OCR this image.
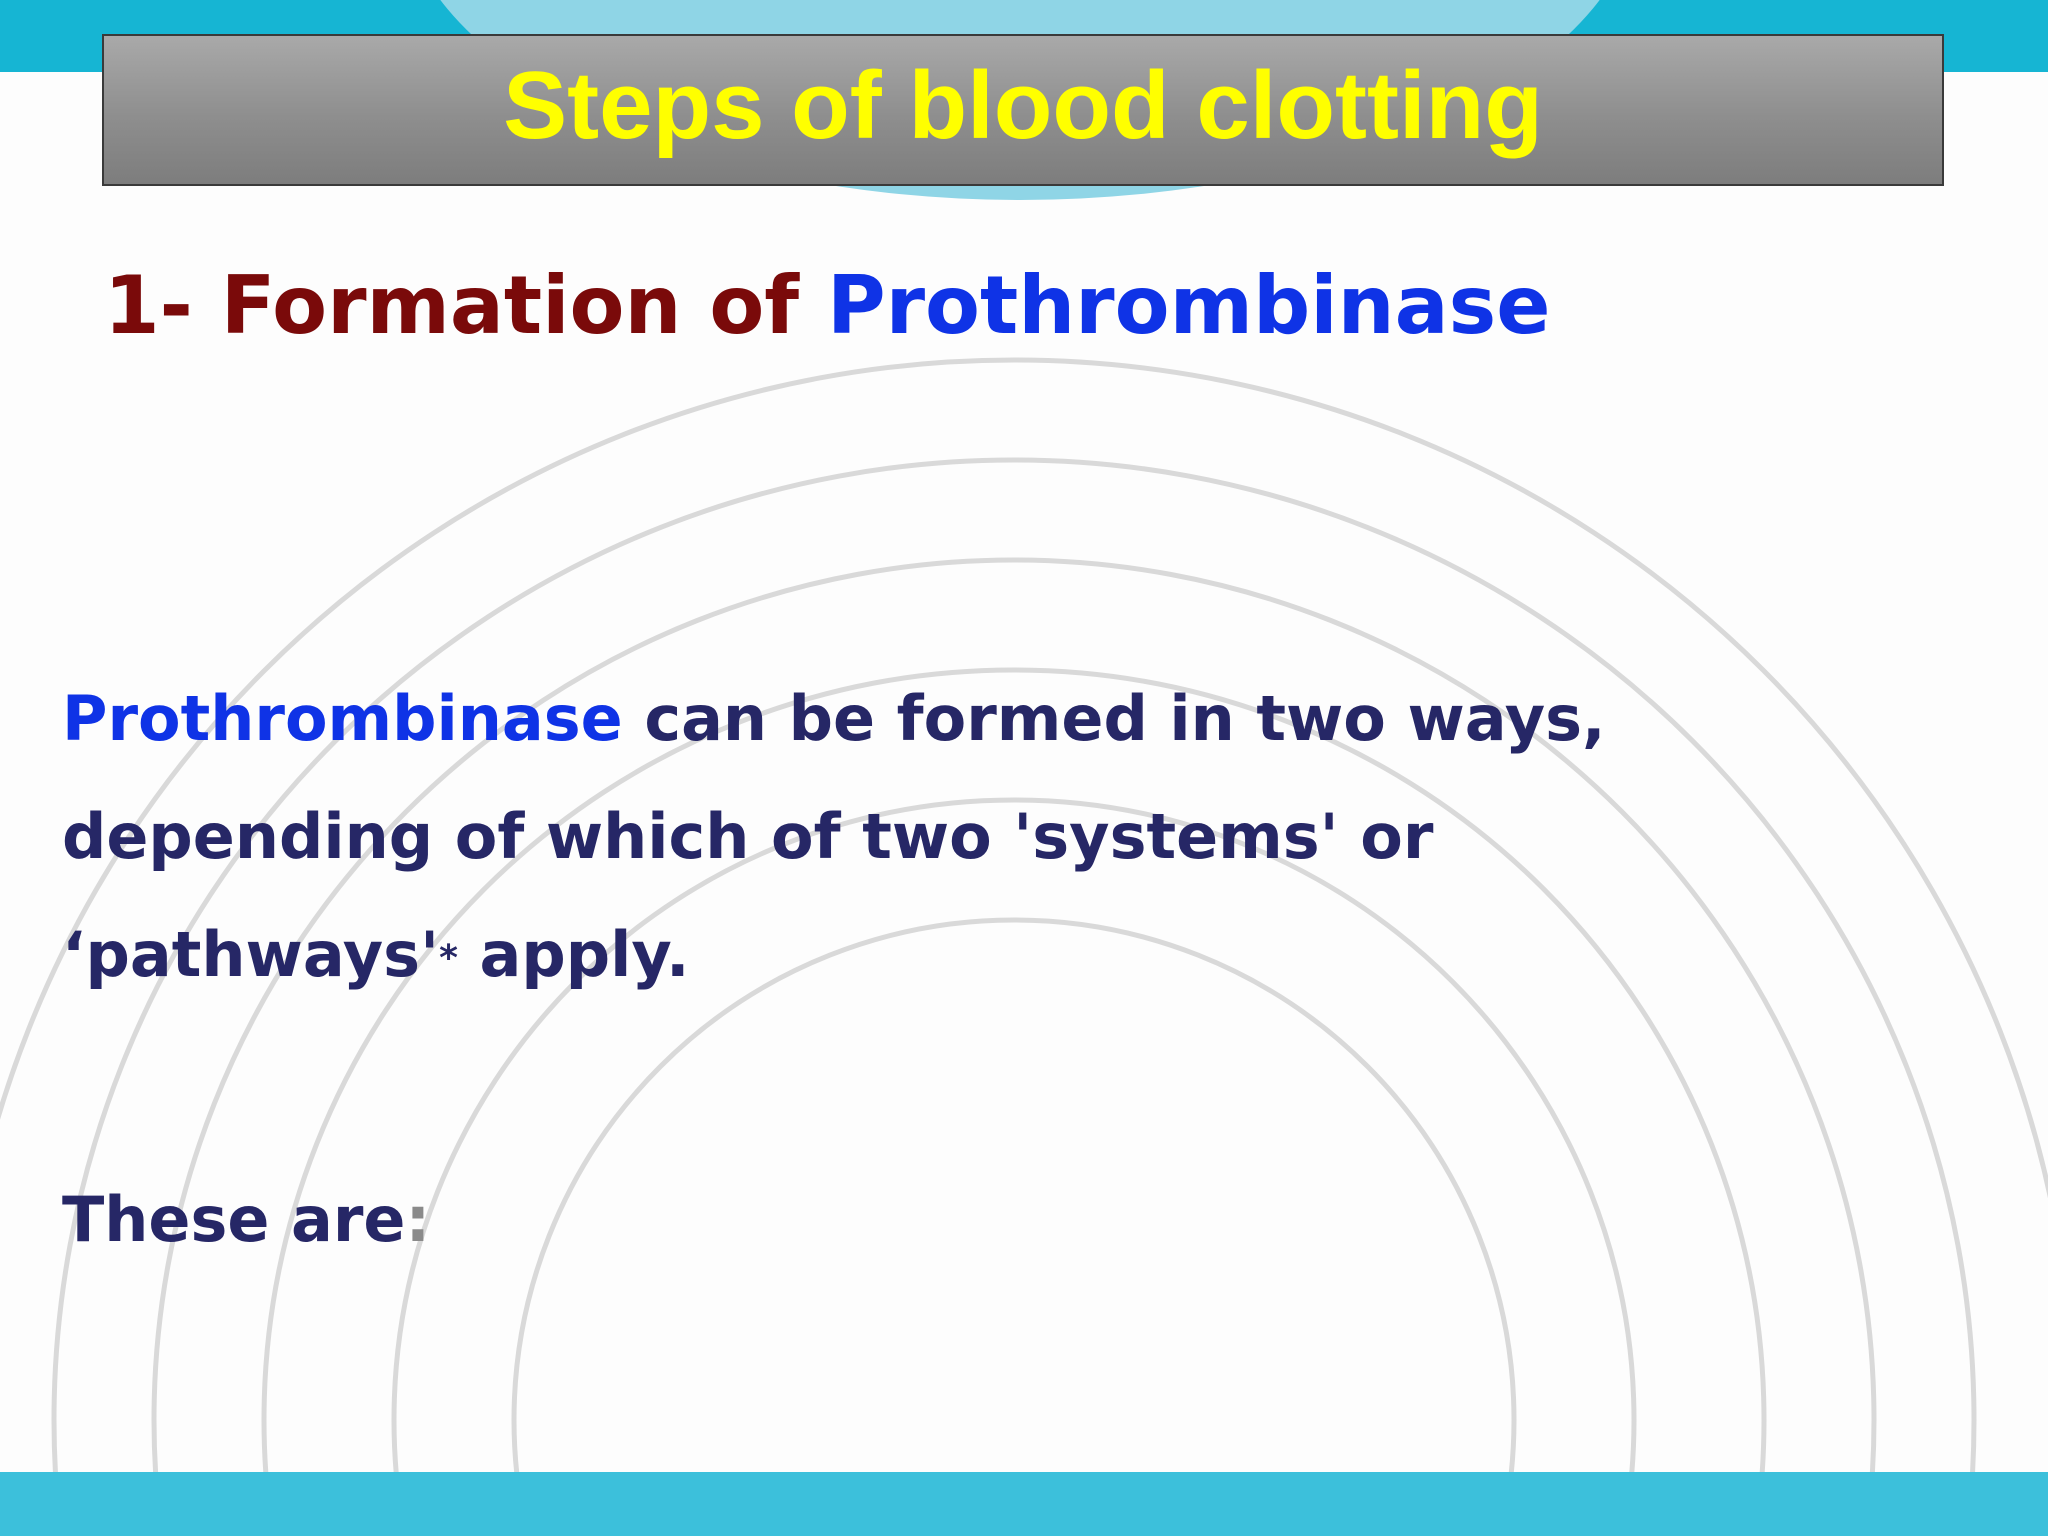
Steps of blood clotting
1- Formation of Prothrombinase
Prothrombinase can be formed in two ways,
depending of which of two 'systems' or
‘pathways'* apply.
These are:
